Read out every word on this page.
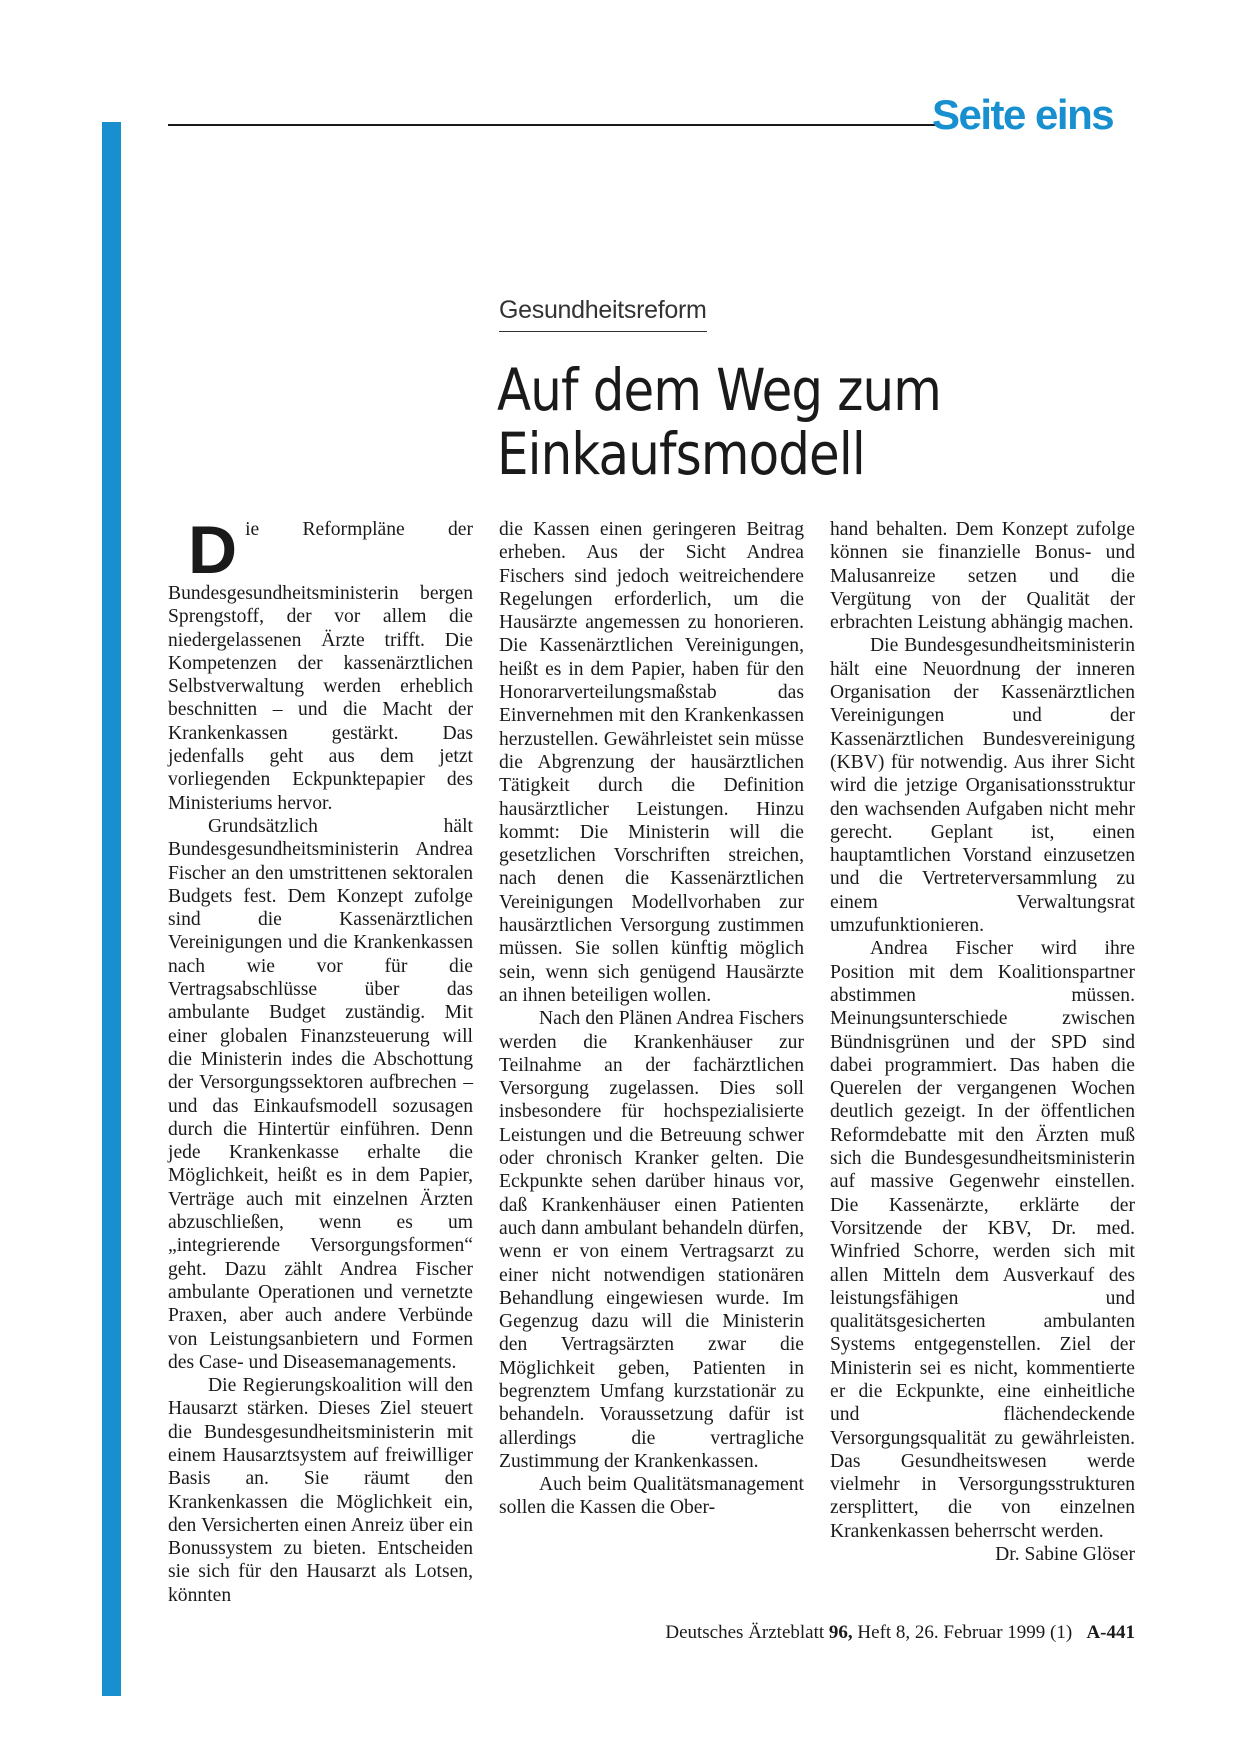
Seite eins
Gesundheitsreform
Auf dem Weg zum
Einkaufsmodell

Die Reformpläne der Bundesgesundheitsministerin bergen Sprengstoff, der vor allem die niedergelassenen Ärzte trifft. Die Kompetenzen der kassenärztlichen Selbstverwaltung werden erheblich beschnitten – und die Macht der Krankenkassen gestärkt. Das jedenfalls geht aus dem jetzt vorliegenden Eckpunktepapier des Ministeriums hervor.

Grundsätzlich hält Bundesgesundheitsministerin Andrea Fischer an den umstrittenen sektoralen Budgets fest. Dem Konzept zufolge sind die Kassenärztlichen Vereinigungen und die Krankenkassen nach wie vor für die Vertragsabschlüsse über das ambulante Budget zuständig. Mit einer globalen Finanzsteuerung will die Ministerin indes die Abschottung der Versorgungssektoren aufbrechen – und das Einkaufsmodell sozusagen durch die Hintertür einführen. Denn jede Krankenkasse erhalte die Möglichkeit, heißt es in dem Papier, Verträge auch mit einzelnen Ärzten abzuschließen, wenn es um „integrierende Versorgungsformen“ geht. Dazu zählt Andrea Fischer ambulante Operationen und vernetzte Praxen, aber auch andere Verbünde von Leistungsanbietern und Formen des Case- und Diseasemanagements.

Die Regierungskoalition will den Hausarzt stärken. Dieses Ziel steuert die Bundesgesundheitsministerin mit einem Hausarztsystem auf freiwilliger Basis an. Sie räumt den Krankenkassen die Möglichkeit ein, den Versicherten einen Anreiz über ein Bonussystem zu bieten. Entscheiden sie sich für den Hausarzt als Lotsen, könnten

die Kassen einen geringeren Beitrag erheben. Aus der Sicht Andrea Fischers sind jedoch weitreichendere Regelungen erforderlich, um die Hausärzte angemessen zu honorieren. Die Kassenärztlichen Vereinigungen, heißt es in dem Papier, haben für den Honorarverteilungsmaßstab das Einvernehmen mit den Krankenkassen herzustellen. Gewährleistet sein müsse die Abgrenzung der hausärztlichen Tätigkeit durch die Definition hausärztlicher Leistungen. Hinzu kommt: Die Ministerin will die gesetzlichen Vorschriften streichen, nach denen die Kassenärztlichen Vereinigungen Modellvorhaben zur hausärztlichen Versorgung zustimmen müssen. Sie sollen künftig möglich sein, wenn sich genügend Hausärzte an ihnen beteiligen wollen.

Nach den Plänen Andrea Fischers werden die Krankenhäuser zur Teilnahme an der fachärztlichen Versorgung zugelassen. Dies soll insbesondere für hochspezialisierte Leistungen und die Betreuung schwer oder chronisch Kranker gelten. Die Eckpunkte sehen darüber hinaus vor, daß Krankenhäuser einen Patienten auch dann ambulant behandeln dürfen, wenn er von einem Vertragsarzt zu einer nicht notwendigen stationären Behandlung eingewiesen wurde. Im Gegenzug dazu will die Ministerin den Vertragsärzten zwar die Möglichkeit geben, Patienten in begrenztem Umfang kurzstationär zu behandeln. Voraussetzung dafür ist allerdings die vertragliche Zustimmung der Krankenkassen.

Auch beim Qualitätsmanagement sollen die Kassen die Ober-

hand behalten. Dem Konzept zufolge können sie finanzielle Bonus- und Malusanreize setzen und die Vergütung von der Qualität der erbrachten Leistung abhängig machen.

Die Bundesgesundheitsministerin hält eine Neuordnung der inneren Organisation der Kassenärztlichen Vereinigungen und der Kassenärztlichen Bundesvereinigung (KBV) für notwendig. Aus ihrer Sicht wird die jetzige Organisationsstruktur den wachsenden Aufgaben nicht mehr gerecht. Geplant ist, einen hauptamtlichen Vorstand einzusetzen und die Vertreterversammlung zu einem Verwaltungsrat umzufunktionieren.

Andrea Fischer wird ihre Position mit dem Koalitionspartner abstimmen müssen. Meinungsunterschiede zwischen Bündnisgrünen und der SPD sind dabei programmiert. Das haben die Querelen der vergangenen Wochen deutlich gezeigt. In der öffentlichen Reformdebatte mit den Ärzten muß sich die Bundesgesundheitsministerin auf massive Gegenwehr einstellen. Die Kassenärzte, erklärte der Vorsitzende der KBV, Dr. med. Winfried Schorre, werden sich mit allen Mitteln dem Ausverkauf des leistungsfähigen und qualitätsgesicherten ambulanten Systems entgegenstellen. Ziel der Ministerin sei es nicht, kommentierte er die Eckpunkte, eine einheitliche und flächendeckende Versorgungsqualität zu gewährleisten. Das Gesundheitswesen werde vielmehr in Versorgungsstrukturen zersplittert, die von einzelnen Krankenkassen beherrscht werden.
Dr. Sabine Glöser

Deutsches Ärzteblatt 96, Heft 8, 26. Februar 1999 (1) A-441
